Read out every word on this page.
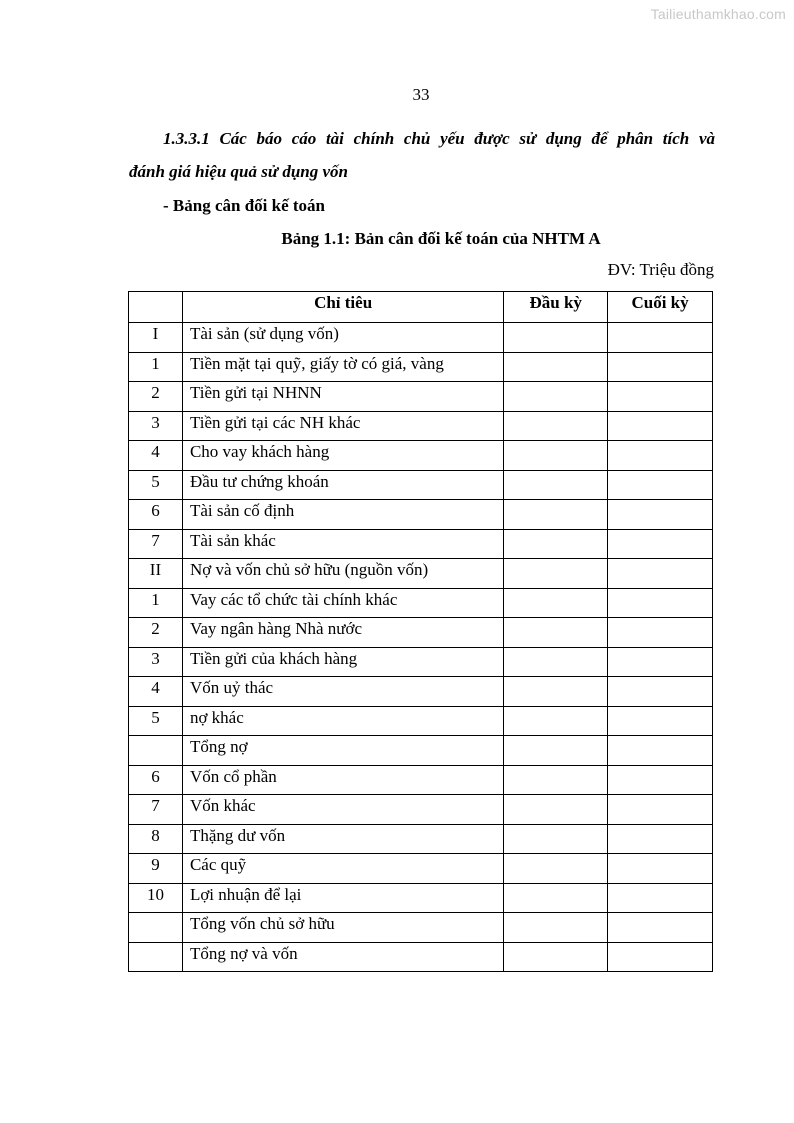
Tailieuthamkhao.com
33
1.3.3.1 Các báo cáo tài chính chủ yếu được sử dụng để phân tích và
đánh giá hiệu quả sử dụng vốn
- Bảng cân đối kế toán
Bảng 1.1: Bản cân đối kế toán của NHTM A
ĐV: Triệu đồng
	Chỉ tiêu	Đầu kỳ	Cuối kỳ
I	Tài sản (sử dụng vốn)		
1	Tiền mặt tại quỹ, giấy tờ có giá, vàng		
2	Tiền gửi tại NHNN		
3	Tiền gửi tại các NH khác		
4	Cho vay khách hàng		
5	Đầu tư chứng khoán		
6	Tài sản cố định		
7	Tài sản khác		
II	Nợ và vốn chủ sở hữu (nguồn vốn)		
1	Vay các tổ chức tài chính khác		
2	Vay ngân hàng Nhà nước		
3	Tiền gửi của khách hàng		
4	Vốn uỷ thác		
5	nợ khác		
	Tổng nợ		
6	Vốn cổ phần		
7	Vốn khác		
8	Thặng dư vốn		
9	Các quỹ		
10	Lợi nhuận để lại		
	Tổng vốn chủ sở hữu		
	Tổng nợ và vốn		
